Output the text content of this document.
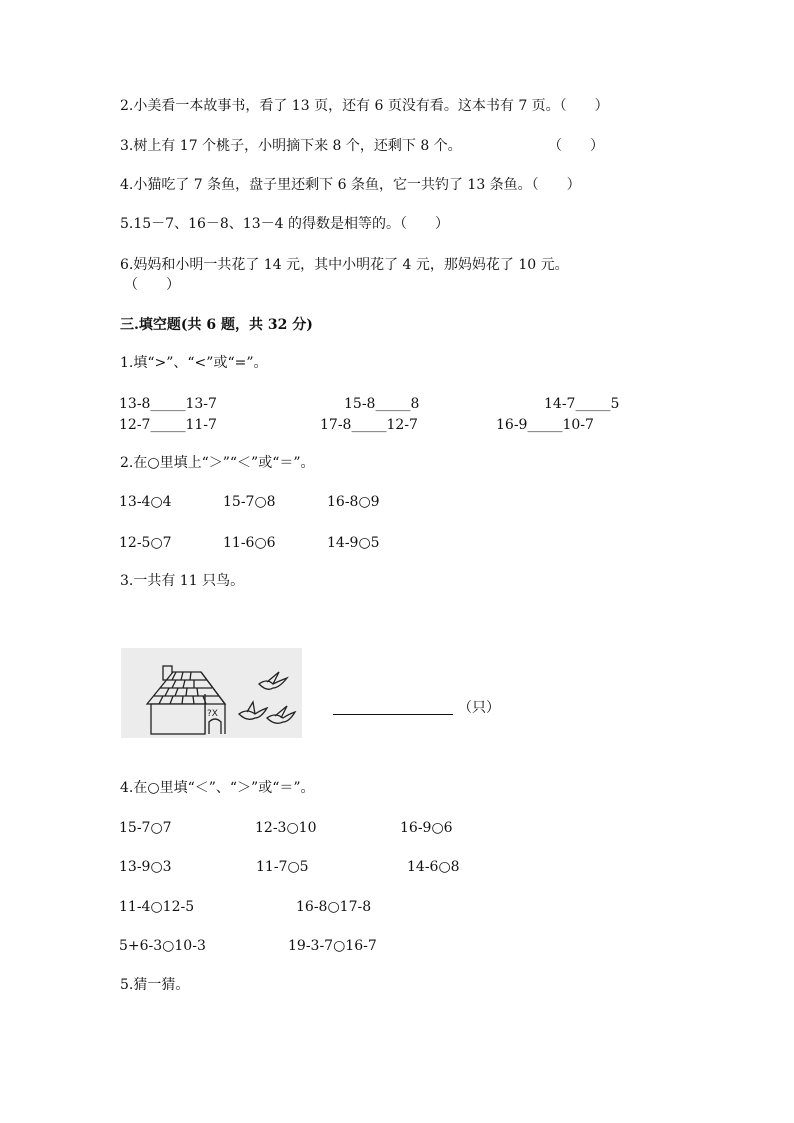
2.小美看一本故事书，看了 13 页，还有 6 页没有看。这本书有 7 页。（　　）
3.树上有 17 个桃子，小明摘下来 8 个，还剩下 8 个。	（　　）
4.小猫吃了 7 条鱼，盘子里还剩下 6 条鱼，它一共钓了 13 条鱼。（　　）
5.15－7、16－8、13－4 的得数是相等的。（　　）
6.妈妈和小明一共花了 14 元，其中小明花了 4 元，那妈妈花了 10 元。
（　　）
三.填空题(共 6 题，共 32 分)
1.填“>”、“<”或“=”。
13-8_____13-7	15-8_____8	14-7_____5
12-7_____11-7	17-8_____12-7	16-9_____10-7
2.在○里填上“＞”“＜”或“＝”。
13-4○4	15-7○8	16-8○9
12-5○7	11-6○6	14-9○5
3.一共有 11 只鸟。
?X	（只）
4.在○里填“＜”、“＞”或“＝”。
15-7○7	12-3○10	16-9○6
13-9○3	11-7○5	14-6○8
11-4○12-5	16-8○17-8
5+6-3○10-3	19-3-7○16-7
5.猜一猜。
